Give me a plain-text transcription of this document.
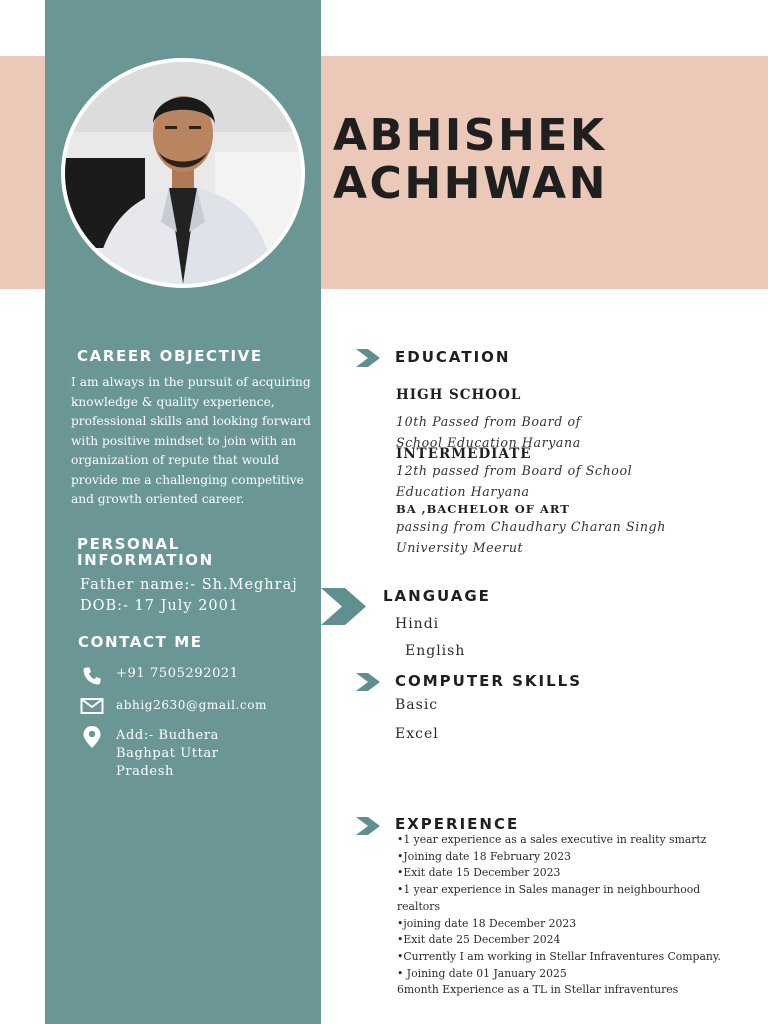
ABHISHEK
ACHHWAN
CAREER OBJECTIVE
I am always in the pursuit of acquiring knowledge & quality experience, professional skills and looking forward with positive mindset to join with an organization of repute that would provide me a challenging competitive and growth oriented career.
PERSONAL
INFORMATION
Father name:- Sh.Meghraj
DOB:- 17 July 2001
CONTACT ME
+91 7505292021
abhig2630@gmail.com
Add:- Budhera Baghpat Uttar Pradesh
EDUCATION
HIGH SCHOOL
10th Passed from Board of School Education Haryana
INTERMEDIATE
12th passed from Board of School Education Haryana
BA ,BACHELOR OF ART
passing from Chaudhary Charan Singh University Meerut
LANGUAGE
Hindi
English
COMPUTER SKILLS
Basic
Excel
EXPERIENCE
•1 year experience as a sales executive in reality smartz
•Joining date 18 February 2023
•Exit date 15 December 2023
•1 year experience in Sales manager in neighbourhood realtors
•joining date 18 December 2023
•Exit date 25 December 2024
•Currently I am working in Stellar Infraventures Company.
• Joining date 01 January 2025
6month Experience as a TL in Stellar infraventures
